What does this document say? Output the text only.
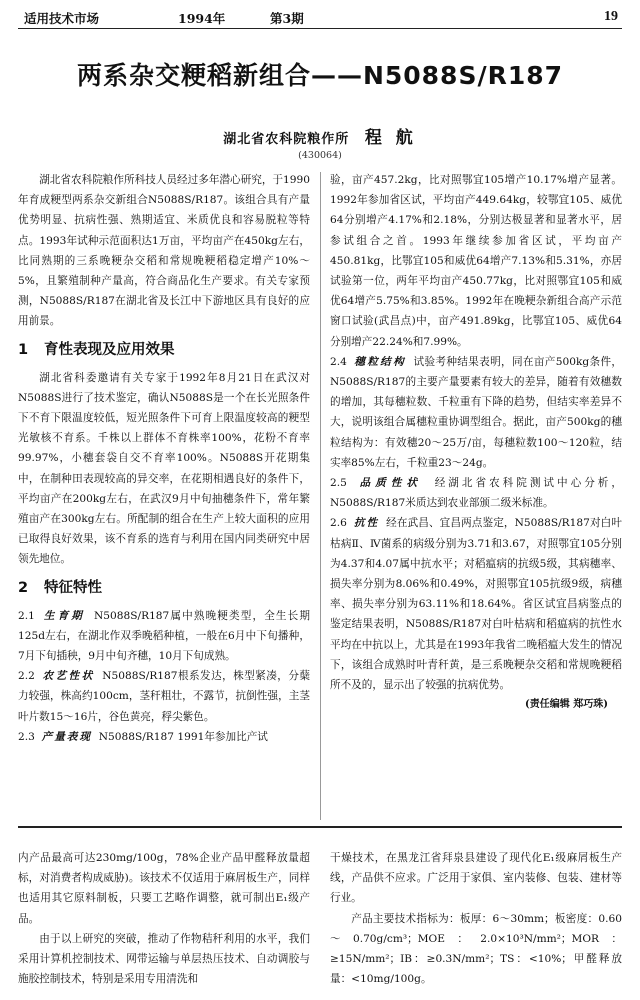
适用技术市场	1994年	第3期	19
两系杂交粳稻新组合——N5088S/R187
湖北省农科院粮作所 程 航
(430064)

湖北省农科院粮作所科技人员经过多年潜心研究，于1990年育成粳型两系杂交新组合N5088S/R187。该组合具有产量优势明显、抗病性强、熟期适宜、米质优良和容易脱粒等特点。1993年试种示范面积达1万亩，平均亩产在450kg左右，比同熟期的三系晚粳杂交稻和常规晚粳稻稳定增产10%～5%，且繁殖制种产量高，符合商品化生产要求。有关专家预测，N5088S/R187在湖北省及长江中下游地区具有良好的应用前景。

1 育性表现及应用效果

湖北省科委邀请有关专家于1992年8月21日在武汉对N5088S进行了技术鉴定，确认N5088S是一个在长光照条件下不育下限温度较低，短光照条件下可育上限温度较高的粳型光敏核不育系。千株以上群体不育株率100%，花粉不育率99.97%，小穗套袋自交不育率100%。N5088S开花期集中，在制种田表现较高的异交率，在花期相遇良好的条件下，平均亩产在200kg左右，在武汉9月中旬抽穗条件下，常年繁殖亩产在300kg左右。所配制的组合在生产上较大面积的应用已取得良好效果，该不育系的选育与利用在国内同类研究中居领先地位。

2 特征特性

2.1 生育期 N5088S/R187属中熟晚粳类型，全生长期125d左右，在湖北作双季晚稻种植，一般在6月中下旬播种，7月下旬插秧，9月中旬齐穗，10月下旬成熟。

2.2 农艺性状 N5088S/R187根系发达，株型紧凑，分蘖力较强，株高约100cm，茎秆粗壮，不露节，抗倒性强，主茎叶片数15～16片，谷色黄亮，稃尖紫色。

2.3 产量表现 N5088S/R187 1991年参加比产试

验，亩产457.2kg，比对照鄂宜105增产10.17%增产显著。1992年参加省区试，平均亩产449.64kg，较鄂宜105、威优64分别增产4.17%和2.18%，分别达极显著和显著水平，居参试组合之首。1993年继续参加省区试，平均亩产450.81kg，比鄂宜105和威优64增产7.13%和5.31%，亦居试验第一位，两年平均亩产450.77kg，比对照鄂宜105和威优64增产5.75%和3.85%。1992年在晚粳杂新组合高产示范窗口试验(武昌点)中，亩产491.89kg，比鄂宜105、威优64分别增产22.24%和7.99%。

2.4 穗粒结构 试验考种结果表明，同在亩产500kg条件，N5088S/R187的主要产量要素有较大的差异，随着有效穗数的增加，其每穗粒数、千粒重有下降的趋势，但结实率差异不大，说明该组合属穗粒重协调型组合。据此，亩产500kg的穗粒结构为：有效穗20～25万/亩，每穗粒数100～120粒，结实率85%左右，千粒重23～24g。

2.5 品质性状 经湖北省农科院测试中心分析，N5088S/R187米质达到农业部颁二级米标准。

2.6 抗性 经在武昌、宜昌两点鉴定，N5088S/R187对白叶枯病Ⅱ、Ⅳ菌系的病级分别为3.71和3.67，对照鄂宜105分别为4.37和4.07属中抗水平；对稻瘟病的抗级5级，其病穗率、损失率分别为8.06%和0.49%，对照鄂宜105抗级9级，病穗率、损失率分别为63.11%和18.64%。省区试宜昌病鉴点的鉴定结果表明，N5088S/R187对白叶枯病和稻瘟病的抗性水平均在中抗以上，尤其是在1993年我省二晚稻瘟大发生的情况下，该组合成熟时叶青秆黄，是三系晚粳杂交稻和常规晚粳稻所不及的，显示出了较强的抗病优势。

(责任编辑 郑巧珠)

内产品最高可达230mg/100g，78%企业产品甲醛释放量超标，对消费者构成威胁)。该技术不仅适用于麻屑板生产，同样也适用其它原料制板，只要工艺略作调整，就可制出E₁级产品。

由于以上研究的突破，推动了作物秸秆利用的水平，我们采用计算机控制技术、网带运输与单层热压技术、自动调胶与施胶控制技术，特别是采用专用清洗和

干燥技术，在黑龙江省拜泉县建设了现代化E₁级麻屑板生产线，产品供不应求。广泛用于家俱、室内装修、包装、建材等行业。

产品主要技术指标为：板厚：6～30mm；板密度：0.60～0.70g/cm³；MOE：2.0×10³N/mm²；MOR：≥15N/mm²；IB：≥0.3N/mm²；TS：<10%；甲醛释放量：<10mg/100g。
